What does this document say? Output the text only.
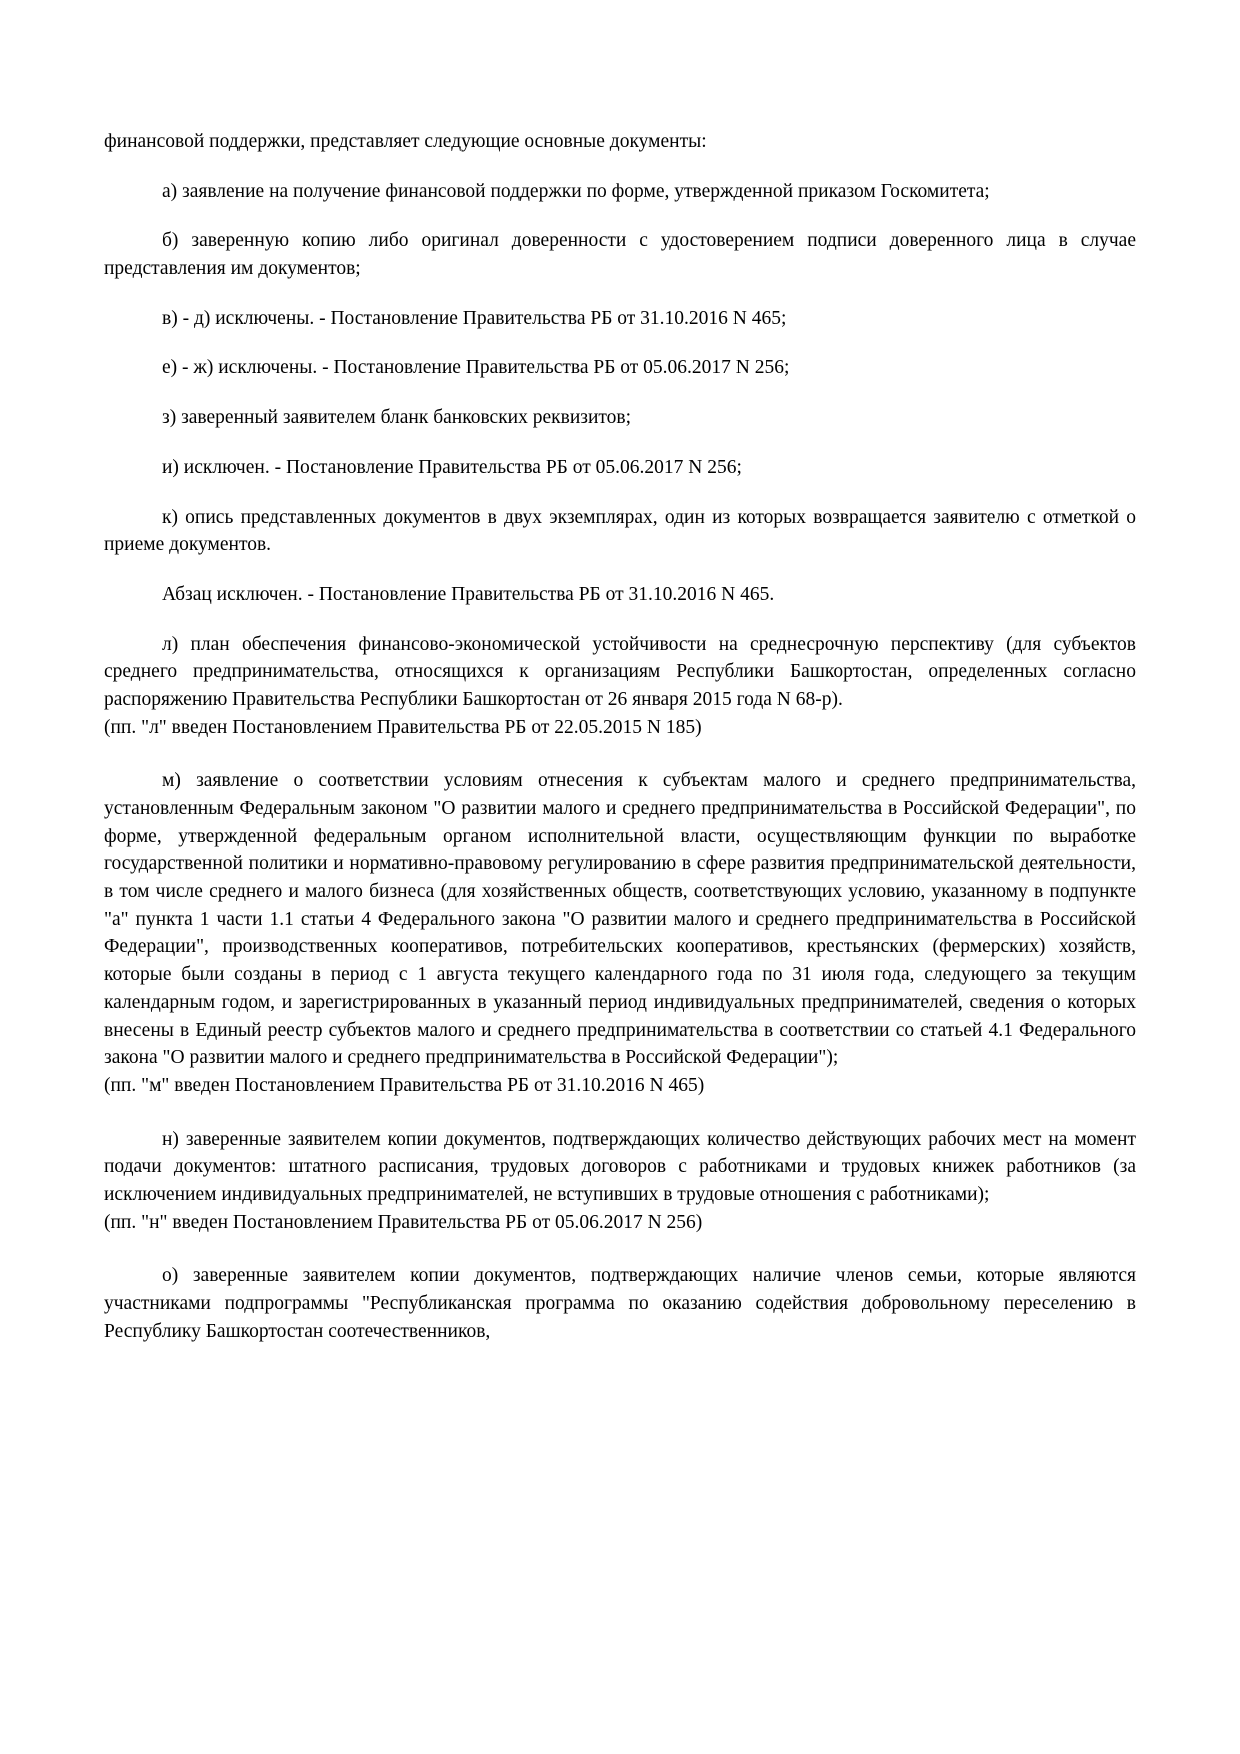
финансовой поддержки, представляет следующие основные документы:

а) заявление на получение финансовой поддержки по форме, утвержденной приказом Госкомитета;

б) заверенную копию либо оригинал доверенности с удостоверением подписи доверенного лица в случае представления им документов;

в) - д) исключены. - Постановление Правительства РБ от 31.10.2016 N 465;

е) - ж) исключены. - Постановление Правительства РБ от 05.06.2017 N 256;

з) заверенный заявителем бланк банковских реквизитов;

и) исключен. - Постановление Правительства РБ от 05.06.2017 N 256;

к) опись представленных документов в двух экземплярах, один из которых возвращается заявителю с отметкой о приеме документов.

Абзац исключен. - Постановление Правительства РБ от 31.10.2016 N 465.

л) план обеспечения финансово-экономической устойчивости на среднесрочную перспективу (для субъектов среднего предпринимательства, относящихся к организациям Республики Башкортостан, определенных согласно распоряжению Правительства Республики Башкортостан от 26 января 2015 года N 68-р).

(пп. "л" введен Постановлением Правительства РБ от 22.05.2015 N 185)

м) заявление о соответствии условиям отнесения к субъектам малого и среднего предпринимательства, установленным Федеральным законом "О развитии малого и среднего предпринимательства в Российской Федерации", по форме, утвержденной федеральным органом исполнительной власти, осуществляющим функции по выработке государственной политики и нормативно-правовому регулированию в сфере развития предпринимательской деятельности, в том числе среднего и малого бизнеса (для хозяйственных обществ, соответствующих условию, указанному в подпункте "а" пункта 1 части 1.1 статьи 4 Федерального закона "О развитии малого и среднего предпринимательства в Российской Федерации", производственных кооперативов, потребительских кооперативов, крестьянских (фермерских) хозяйств, которые были созданы в период с 1 августа текущего календарного года по 31 июля года, следующего за текущим календарным годом, и зарегистрированных в указанный период индивидуальных предпринимателей, сведения о которых внесены в Единый реестр субъектов малого и среднего предпринимательства в соответствии со статьей 4.1 Федерального закона "О развитии малого и среднего предпринимательства в Российской Федерации");

(пп. "м" введен Постановлением Правительства РБ от 31.10.2016 N 465)

н) заверенные заявителем копии документов, подтверждающих количество действующих рабочих мест на момент подачи документов: штатного расписания, трудовых договоров с работниками и трудовых книжек работников (за исключением индивидуальных предпринимателей, не вступивших в трудовые отношения с работниками);

(пп. "н" введен Постановлением Правительства РБ от 05.06.2017 N 256)

о) заверенные заявителем копии документов, подтверждающих наличие членов семьи, которые являются участниками подпрограммы "Республиканская программа по оказанию содействия добровольному переселению в Республику Башкортостан соотечественников,
